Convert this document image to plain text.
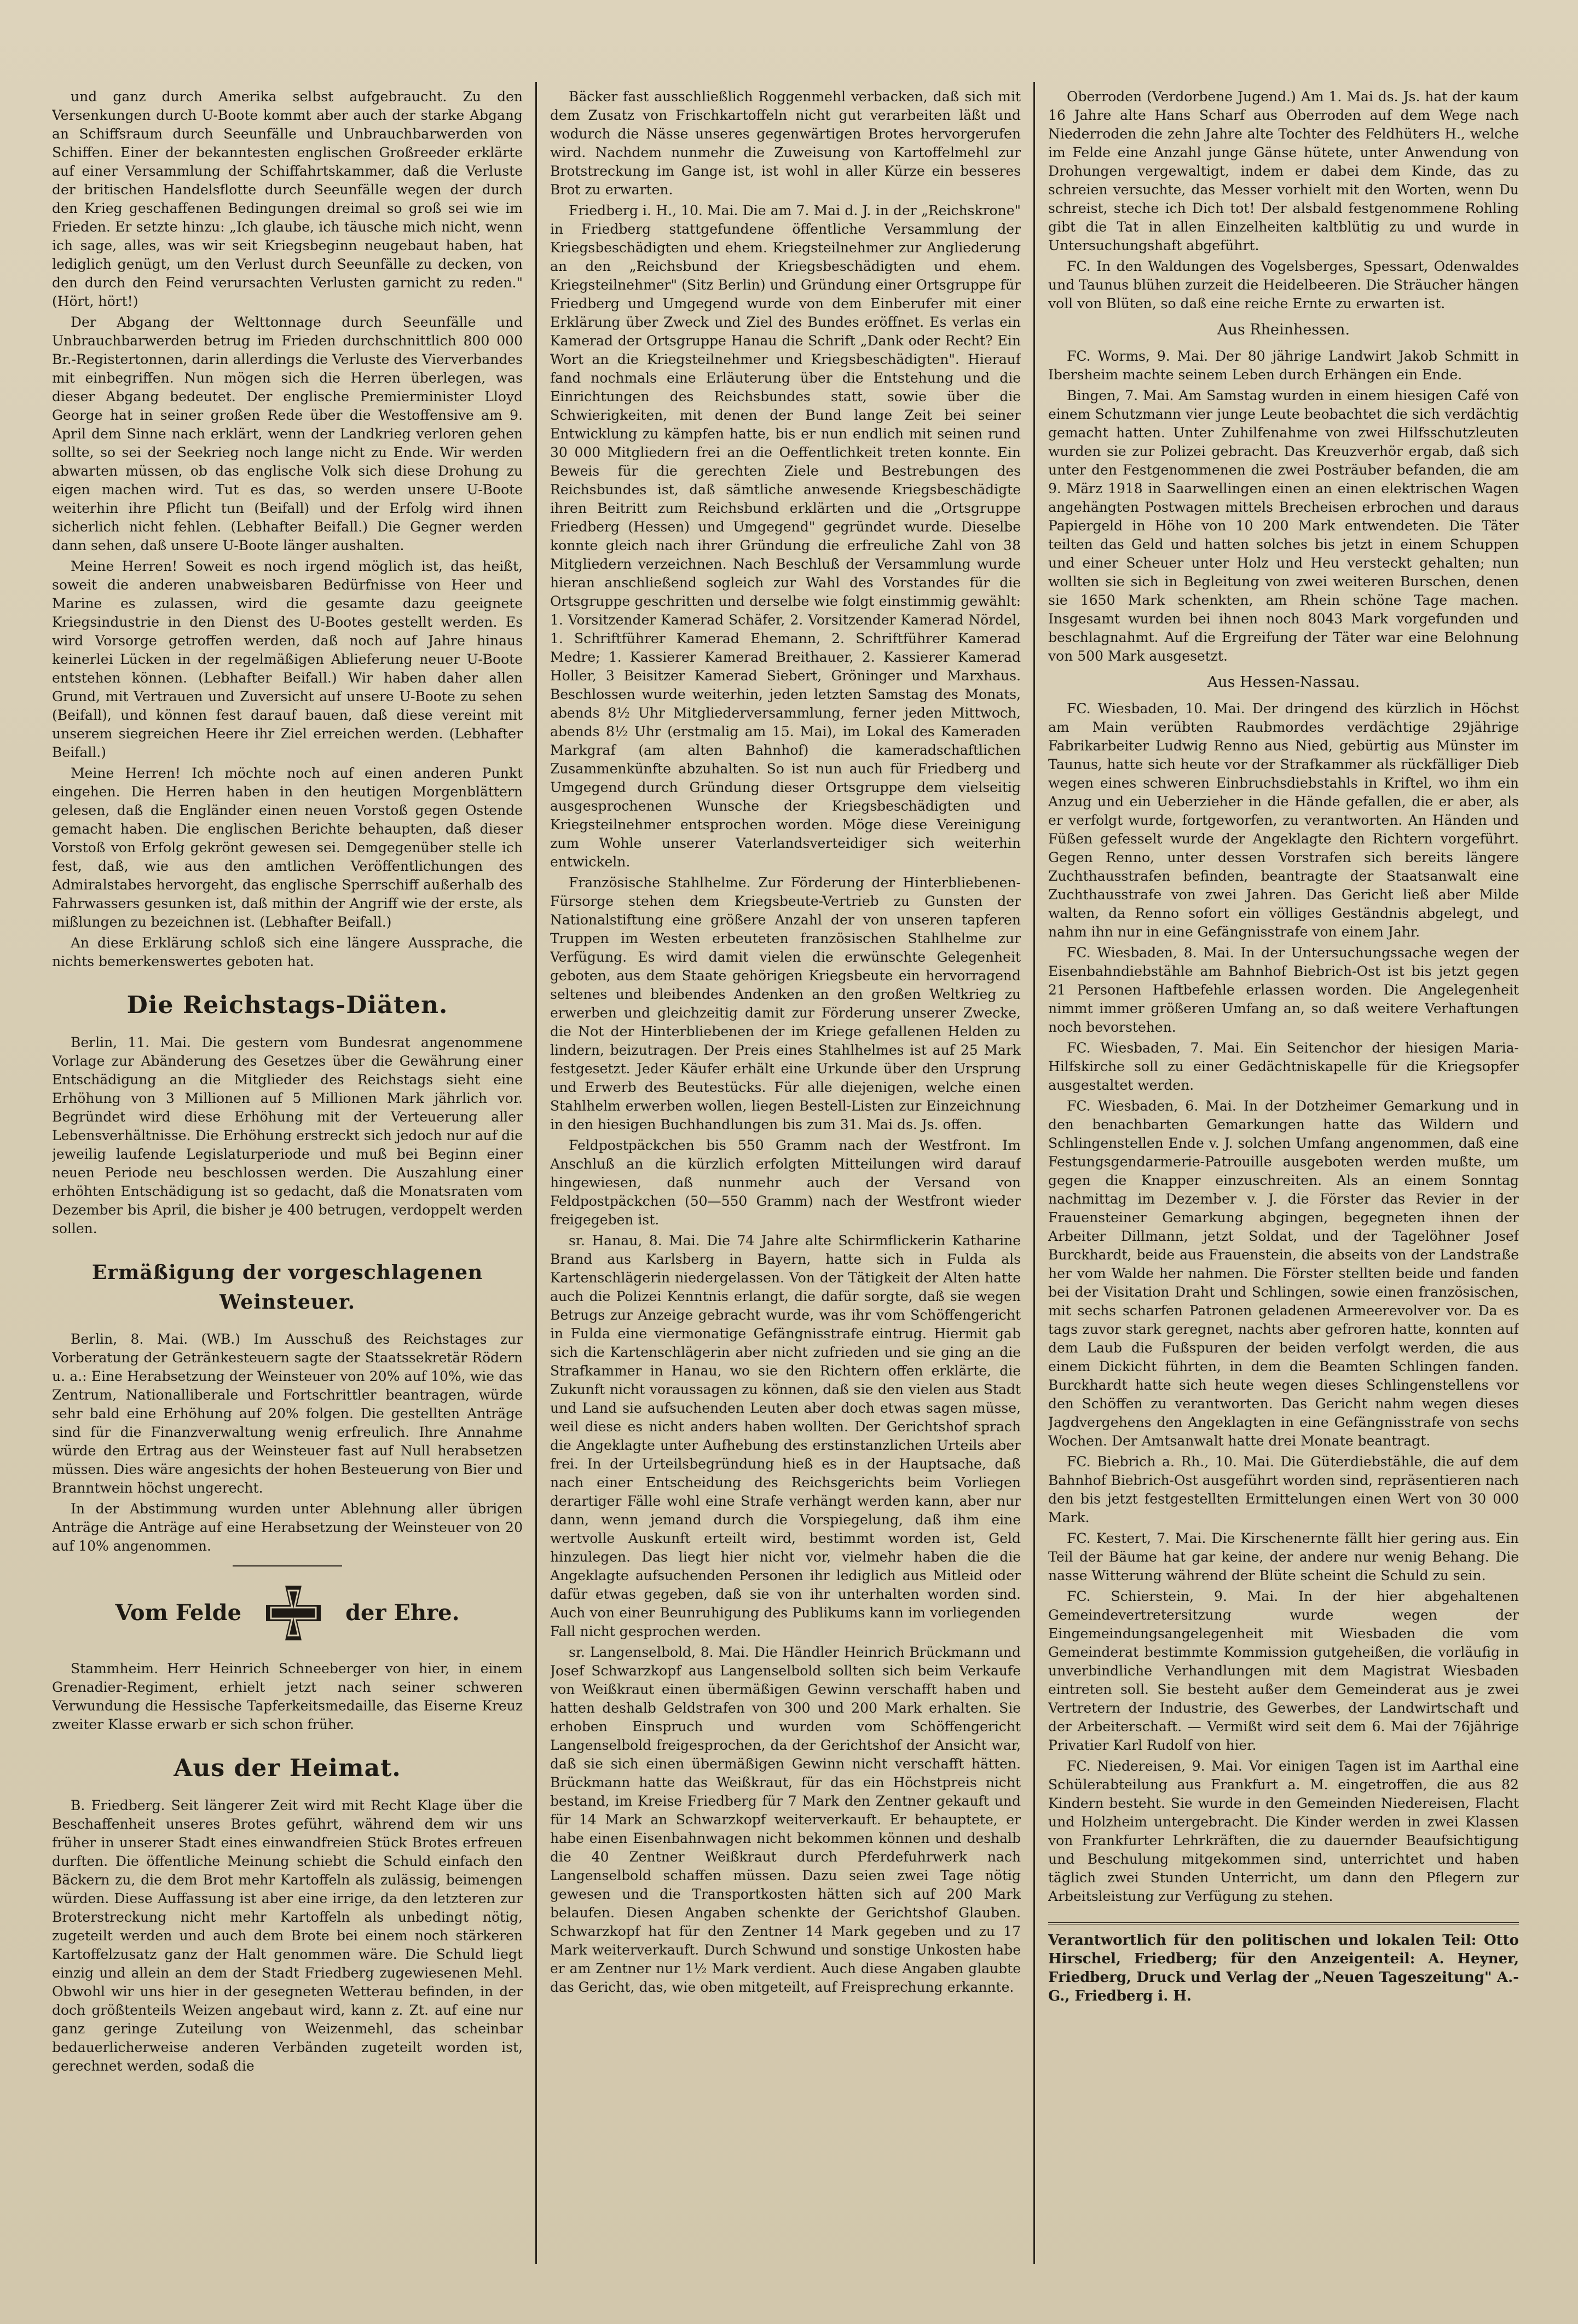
und ganz durch Amerika selbst aufgebraucht. Zu den Versenkungen durch U-Boote kommt aber auch der starke Abgang an Schiffsraum durch Seeunfälle und Unbrauchbarwerden von Schiffen. Einer der bekanntesten englischen Großreeder erklärte auf einer Versammlung der Schiffahrtskammer, daß die Verluste der britischen Handelsflotte durch Seeunfälle wegen der durch den Krieg geschaffenen Bedingungen dreimal so groß sei wie im Frieden. Er setzte hinzu: „Ich glaube, ich täusche mich nicht, wenn ich sage, alles, was wir seit Kriegsbeginn neugebaut haben, hat lediglich genügt, um den Verlust durch Seeunfälle zu decken, von den durch den Feind verursachten Verlusten garnicht zu reden." (Hört, hört!)

Der Abgang der Welttonnage durch Seeunfälle und Unbrauchbarwerden betrug im Frieden durchschnittlich 800 000 Br.-Registertonnen, darin allerdings die Verluste des Vierverbandes mit einbegriffen. Nun mögen sich die Herren überlegen, was dieser Abgang bedeutet. Der englische Premierminister Lloyd George hat in seiner großen Rede über die Westoffensive am 9. April dem Sinne nach erklärt, wenn der Landkrieg verloren gehen sollte, so sei der Seekrieg noch lange nicht zu Ende. Wir werden abwarten müssen, ob das englische Volk sich diese Drohung zu eigen machen wird. Tut es das, so werden unsere U-Boote weiterhin ihre Pflicht tun (Beifall) und der Erfolg wird ihnen sicherlich nicht fehlen. (Lebhafter Beifall.) Die Gegner werden dann sehen, daß unsere U-Boote länger aushalten.

Meine Herren! Soweit es noch irgend möglich ist, das heißt, soweit die anderen unabweisbaren Bedürfnisse von Heer und Marine es zulassen, wird die gesamte dazu geeignete Kriegsindustrie in den Dienst des U-Bootes gestellt werden. Es wird Vorsorge getroffen werden, daß noch auf Jahre hinaus keinerlei Lücken in der regelmäßigen Ablieferung neuer U-Boote entstehen können. (Lebhafter Beifall.) Wir haben daher allen Grund, mit Vertrauen und Zuversicht auf unsere U-Boote zu sehen (Beifall), und können fest darauf bauen, daß diese vereint mit unserem siegreichen Heere ihr Ziel erreichen werden. (Lebhafter Beifall.)

Meine Herren! Ich möchte noch auf einen anderen Punkt eingehen. Die Herren haben in den heutigen Morgenblättern gelesen, daß die Engländer einen neuen Vorstoß gegen Ostende gemacht haben. Die englischen Berichte behaupten, daß dieser Vorstoß von Erfolg gekrönt gewesen sei. Demgegenüber stelle ich fest, daß, wie aus den amtlichen Veröffentlichungen des Admiralstabes hervorgeht, das englische Sperrschiff außerhalb des Fahrwassers gesunken ist, daß mithin der Angriff wie der erste, als mißlungen zu bezeichnen ist. (Lebhafter Beifall.)

An diese Erklärung schloß sich eine längere Aussprache, die nichts bemerkenswertes geboten hat.

Die Reichstags-Diäten.

Berlin, 11. Mai. Die gestern vom Bundesrat angenommene Vorlage zur Abänderung des Gesetzes über die Gewährung einer Entschädigung an die Mitglieder des Reichstags sieht eine Erhöhung von 3 Millionen auf 5 Millionen Mark jährlich vor. Begründet wird diese Erhöhung mit der Verteuerung aller Lebensverhältnisse. Die Erhöhung erstreckt sich jedoch nur auf die jeweilig laufende Legislaturperiode und muß bei Beginn einer neuen Periode neu beschlossen werden. Die Auszahlung einer erhöhten Entschädigung ist so gedacht, daß die Monatsraten vom Dezember bis April, die bisher je 400 betrugen, verdoppelt werden sollen.

Ermäßigung der vorgeschlagenen Weinsteuer.

Berlin, 8. Mai. (WB.) Im Ausschuß des Reichstages zur Vorberatung der Getränkesteuern sagte der Staatssekretär Rödern u. a.: Eine Herabsetzung der Weinsteuer von 20% auf 10%, wie das Zentrum, Nationalliberale und Fortschrittler beantragen, würde sehr bald eine Erhöhung auf 20% folgen. Die gestellten Anträge sind für die Finanzverwaltung wenig erfreulich. Ihre Annahme würde den Ertrag aus der Weinsteuer fast auf Null herabsetzen müssen. Dies wäre angesichts der hohen Besteuerung von Bier und Branntwein höchst ungerecht.

In der Abstimmung wurden unter Ablehnung aller übrigen Anträge die Anträge auf eine Herabsetzung der Weinsteuer von 20 auf 10% angenommen.

Vom Felde	der Ehre.

Stammheim. Herr Heinrich Schneeberger von hier, in einem Grenadier-Regiment, erhielt jetzt nach seiner schweren Verwundung die Hessische Tapferkeitsmedaille, das Eiserne Kreuz zweiter Klasse erwarb er sich schon früher.

Aus der Heimat.

B. Friedberg. Seit längerer Zeit wird mit Recht Klage über die Beschaffenheit unseres Brotes geführt, während dem wir uns früher in unserer Stadt eines einwandfreien Stück Brotes erfreuen durften. Die öffentliche Meinung schiebt die Schuld einfach den Bäckern zu, die dem Brot mehr Kartoffeln als zulässig, beimengen würden. Diese Auffassung ist aber eine irrige, da den letzteren zur Broterstreckung nicht mehr Kartoffeln als unbedingt nötig, zugeteilt werden und auch dem Brote bei einem noch stärkeren Kartoffelzusatz ganz der Halt genommen wäre. Die Schuld liegt einzig und allein an dem der Stadt Friedberg zugewiesenen Mehl. Obwohl wir uns hier in der gesegneten Wetterau befinden, in der doch größtenteils Weizen angebaut wird, kann z. Zt. auf eine nur ganz geringe Zuteilung von Weizenmehl, das scheinbar bedauerlicherweise anderen Verbänden zugeteilt worden ist, gerechnet werden, sodaß die

Bäcker fast ausschließlich Roggenmehl verbacken, daß sich mit dem Zusatz von Frischkartoffeln nicht gut verarbeiten läßt und wodurch die Nässe unseres gegenwärtigen Brotes hervorgerufen wird. Nachdem nunmehr die Zuweisung von Kartoffelmehl zur Brotstreckung im Gange ist, ist wohl in aller Kürze ein besseres Brot zu erwarten.

Friedberg i. H., 10. Mai. Die am 7. Mai d. J. in der „Reichskrone" in Friedberg stattgefundene öffentliche Versammlung der Kriegsbeschädigten und ehem. Kriegsteilnehmer zur Angliederung an den „Reichsbund der Kriegsbeschädigten und ehem. Kriegsteilnehmer" (Sitz Berlin) und Gründung einer Ortsgruppe für Friedberg und Umgegend wurde von dem Einberufer mit einer Erklärung über Zweck und Ziel des Bundes eröffnet. Es verlas ein Kamerad der Ortsgruppe Hanau die Schrift „Dank oder Recht? Ein Wort an die Kriegsteilnehmer und Kriegsbeschädigten". Hierauf fand nochmals eine Erläuterung über die Entstehung und die Einrichtungen des Reichsbundes statt, sowie über die Schwierigkeiten, mit denen der Bund lange Zeit bei seiner Entwicklung zu kämpfen hatte, bis er nun endlich mit seinen rund 30 000 Mitgliedern frei an die Oeffentlichkeit treten konnte. Ein Beweis für die gerechten Ziele und Bestrebungen des Reichsbundes ist, daß sämtliche anwesende Kriegsbeschädigte ihren Beitritt zum Reichsbund erklärten und die „Ortsgruppe Friedberg (Hessen) und Umgegend" gegründet wurde. Dieselbe konnte gleich nach ihrer Gründung die erfreuliche Zahl von 38 Mitgliedern verzeichnen. Nach Beschluß der Versammlung wurde hieran anschließend sogleich zur Wahl des Vorstandes für die Ortsgruppe geschritten und derselbe wie folgt einstimmig gewählt: 1. Vorsitzender Kamerad Schäfer, 2. Vorsitzender Kamerad Nördel, 1. Schriftführer Kamerad Ehemann, 2. Schriftführer Kamerad Medre; 1. Kassierer Kamerad Breithauer, 2. Kassierer Kamerad Holler, 3 Beisitzer Kamerad Siebert, Gröninger und Marxhaus. Beschlossen wurde weiterhin, jeden letzten Samstag des Monats, abends 8½ Uhr Mitgliederversammlung, ferner jeden Mittwoch, abends 8½ Uhr (erstmalig am 15. Mai), im Lokal des Kameraden Markgraf (am alten Bahnhof) die kameradschaftlichen Zusammenkünfte abzuhalten. So ist nun auch für Friedberg und Umgegend durch Gründung dieser Ortsgruppe dem vielseitig ausgesprochenen Wunsche der Kriegsbeschädigten und Kriegsteilnehmer entsprochen worden. Möge diese Vereinigung zum Wohle unserer Vaterlandsverteidiger sich weiterhin entwickeln.

Französische Stahlhelme. Zur Förderung der Hinterbliebenen-Fürsorge stehen dem Kriegsbeute-Vertrieb zu Gunsten der Nationalstiftung eine größere Anzahl der von unseren tapferen Truppen im Westen erbeuteten französischen Stahlhelme zur Verfügung. Es wird damit vielen die erwünschte Gelegenheit geboten, aus dem Staate gehörigen Kriegsbeute ein hervorragend seltenes und bleibendes Andenken an den großen Weltkrieg zu erwerben und gleichzeitig damit zur Förderung unserer Zwecke, die Not der Hinterbliebenen der im Kriege gefallenen Helden zu lindern, beizutragen. Der Preis eines Stahlhelmes ist auf 25 Mark festgesetzt. Jeder Käufer erhält eine Urkunde über den Ursprung und Erwerb des Beutestücks. Für alle diejenigen, welche einen Stahlhelm erwerben wollen, liegen Bestell-Listen zur Einzeichnung in den hiesigen Buchhandlungen bis zum 31. Mai ds. Js. offen.

Feldpostpäckchen bis 550 Gramm nach der Westfront. Im Anschluß an die kürzlich erfolgten Mitteilungen wird darauf hingewiesen, daß nunmehr auch der Versand von Feldpostpäckchen (50—550 Gramm) nach der Westfront wieder freigegeben ist.

sr. Hanau, 8. Mai. Die 74 Jahre alte Schirmflickerin Katharine Brand aus Karlsberg in Bayern, hatte sich in Fulda als Kartenschlägerin niedergelassen. Von der Tätigkeit der Alten hatte auch die Polizei Kenntnis erlangt, die dafür sorgte, daß sie wegen Betrugs zur Anzeige gebracht wurde, was ihr vom Schöffengericht in Fulda eine viermonatige Gefängnisstrafe eintrug. Hiermit gab sich die Kartenschlägerin aber nicht zufrieden und sie ging an die Strafkammer in Hanau, wo sie den Richtern offen erklärte, die Zukunft nicht voraussagen zu können, daß sie den vielen aus Stadt und Land sie aufsuchenden Leuten aber doch etwas sagen müsse, weil diese es nicht anders haben wollten. Der Gerichtshof sprach die Angeklagte unter Aufhebung des erstinstanzlichen Urteils aber frei. In der Urteilsbegründung hieß es in der Hauptsache, daß nach einer Entscheidung des Reichsgerichts beim Vorliegen derartiger Fälle wohl eine Strafe verhängt werden kann, aber nur dann, wenn jemand durch die Vorspiegelung, daß ihm eine wertvolle Auskunft erteilt wird, bestimmt worden ist, Geld hinzulegen. Das liegt hier nicht vor, vielmehr haben die die Angeklagte aufsuchenden Personen ihr lediglich aus Mitleid oder dafür etwas gegeben, daß sie von ihr unterhalten worden sind. Auch von einer Beunruhigung des Publikums kann im vorliegenden Fall nicht gesprochen werden.

sr. Langenselbold, 8. Mai. Die Händler Heinrich Brückmann und Josef Schwarzkopf aus Langenselbold sollten sich beim Verkaufe von Weißkraut einen übermäßigen Gewinn verschafft haben und hatten deshalb Geldstrafen von 300 und 200 Mark erhalten. Sie erhoben Einspruch und wurden vom Schöffengericht Langenselbold freigesprochen, da der Gerichtshof der Ansicht war, daß sie sich einen übermäßigen Gewinn nicht verschafft hätten. Brückmann hatte das Weißkraut, für das ein Höchstpreis nicht bestand, im Kreise Friedberg für 7 Mark den Zentner gekauft und für 14 Mark an Schwarzkopf weiterverkauft. Er behauptete, er habe einen Eisenbahnwagen nicht bekommen können und deshalb die 40 Zentner Weißkraut durch Pferdefuhrwerk nach Langenselbold schaffen müssen. Dazu seien zwei Tage nötig gewesen und die Transportkosten hätten sich auf 200 Mark belaufen. Diesen Angaben schenkte der Gerichtshof Glauben. Schwarzkopf hat für den Zentner 14 Mark gegeben und zu 17 Mark weiterverkauft. Durch Schwund und sonstige Unkosten habe er am Zentner nur 1½ Mark verdient. Auch diese Angaben glaubte das Gericht, das, wie oben mitgeteilt, auf Freisprechung erkannte.

Oberroden (Verdorbene Jugend.) Am 1. Mai ds. Js. hat der kaum 16 Jahre alte Hans Scharf aus Oberroden auf dem Wege nach Niederroden die zehn Jahre alte Tochter des Feldhüters H., welche im Felde eine Anzahl junge Gänse hütete, unter Anwendung von Drohungen vergewaltigt, indem er dabei dem Kinde, das zu schreien versuchte, das Messer vorhielt mit den Worten, wenn Du schreist, steche ich Dich tot! Der alsbald festgenommene Rohling gibt die Tat in allen Einzelheiten kaltblütig zu und wurde in Untersuchungshaft abgeführt.

FC. In den Waldungen des Vogelsberges, Spessart, Odenwaldes und Taunus blühen zurzeit die Heidelbeeren. Die Sträucher hängen voll von Blüten, so daß eine reiche Ernte zu erwarten ist.

Aus Rheinhessen.

FC. Worms, 9. Mai. Der 80 jährige Landwirt Jakob Schmitt in Ibersheim machte seinem Leben durch Erhängen ein Ende.

Bingen, 7. Mai. Am Samstag wurden in einem hiesigen Café von einem Schutzmann vier junge Leute beobachtet die sich verdächtig gemacht hatten. Unter Zuhilfenahme von zwei Hilfsschutzleuten wurden sie zur Polizei gebracht. Das Kreuzverhör ergab, daß sich unter den Festgenommenen die zwei Posträuber befanden, die am 9. März 1918 in Saarwellingen einen an einen elektrischen Wagen angehängten Postwagen mittels Brecheisen erbrochen und daraus Papiergeld in Höhe von 10 200 Mark entwendeten. Die Täter teilten das Geld und hatten solches bis jetzt in einem Schuppen und einer Scheuer unter Holz und Heu versteckt gehalten; nun wollten sie sich in Begleitung von zwei weiteren Burschen, denen sie 1650 Mark schenkten, am Rhein schöne Tage machen. Insgesamt wurden bei ihnen noch 8043 Mark vorgefunden und beschlagnahmt. Auf die Ergreifung der Täter war eine Belohnung von 500 Mark ausgesetzt.

Aus Hessen-Nassau.

FC. Wiesbaden, 10. Mai. Der dringend des kürzlich in Höchst am Main verübten Raubmordes verdächtige 29jährige Fabrikarbeiter Ludwig Renno aus Nied, gebürtig aus Münster im Taunus, hatte sich heute vor der Strafkammer als rückfälliger Dieb wegen eines schweren Einbruchsdiebstahls in Kriftel, wo ihm ein Anzug und ein Ueberzieher in die Hände gefallen, die er aber, als er verfolgt wurde, fortgeworfen, zu verantworten. An Händen und Füßen gefesselt wurde der Angeklagte den Richtern vorgeführt. Gegen Renno, unter dessen Vorstrafen sich bereits längere Zuchthausstrafen befinden, beantragte der Staatsanwalt eine Zuchthausstrafe von zwei Jahren. Das Gericht ließ aber Milde walten, da Renno sofort ein völliges Geständnis abgelegt, und nahm ihn nur in eine Gefängnisstrafe von einem Jahr.

FC. Wiesbaden, 8. Mai. In der Untersuchungssache wegen der Eisenbahndiebstähle am Bahnhof Biebrich-Ost ist bis jetzt gegen 21 Personen Haftbefehle erlassen worden. Die Angelegenheit nimmt immer größeren Umfang an, so daß weitere Verhaftungen noch bevorstehen.

FC. Wiesbaden, 7. Mai. Ein Seitenchor der hiesigen Maria-Hilfskirche soll zu einer Gedächtniskapelle für die Kriegsopfer ausgestaltet werden.

FC. Wiesbaden, 6. Mai. In der Dotzheimer Gemarkung und in den benachbarten Gemarkungen hatte das Wildern und Schlingenstellen Ende v. J. solchen Umfang angenommen, daß eine Festungsgendarmerie-Patrouille ausgeboten werden mußte, um gegen die Knapper einzuschreiten. Als an einem Sonntag nachmittag im Dezember v. J. die Förster das Revier in der Frauensteiner Gemarkung abgingen, begegneten ihnen der Arbeiter Dillmann, jetzt Soldat, und der Tagelöhner Josef Burckhardt, beide aus Frauenstein, die abseits von der Landstraße her vom Walde her nahmen. Die Förster stellten beide und fanden bei der Visitation Draht und Schlingen, sowie einen französischen, mit sechs scharfen Patronen geladenen Armeerevolver vor. Da es tags zuvor stark geregnet, nachts aber gefroren hatte, konnten auf dem Laub die Fußspuren der beiden verfolgt werden, die aus einem Dickicht führten, in dem die Beamten Schlingen fanden. Burckhardt hatte sich heute wegen dieses Schlingenstellens vor den Schöffen zu verantworten. Das Gericht nahm wegen dieses Jagdvergehens den Angeklagten in eine Gefängnisstrafe von sechs Wochen. Der Amtsanwalt hatte drei Monate beantragt.

FC. Biebrich a. Rh., 10. Mai. Die Güterdiebstähle, die auf dem Bahnhof Biebrich-Ost ausgeführt worden sind, repräsentieren nach den bis jetzt festgestellten Ermittelungen einen Wert von 30 000 Mark.

FC. Kestert, 7. Mai. Die Kirschenernte fällt hier gering aus. Ein Teil der Bäume hat gar keine, der andere nur wenig Behang. Die nasse Witterung während der Blüte scheint die Schuld zu sein.

FC. Schierstein, 9. Mai. In der hier abgehaltenen Gemeindevertretersitzung wurde wegen der Eingemeindungsangelegenheit mit Wiesbaden die vom Gemeinderat bestimmte Kommission gutgeheißen, die vorläufig in unverbindliche Verhandlungen mit dem Magistrat Wiesbaden eintreten soll. Sie besteht außer dem Gemeinderat aus je zwei Vertretern der Industrie, des Gewerbes, der Landwirtschaft und der Arbeiterschaft. — Vermißt wird seit dem 6. Mai der 76jährige Privatier Karl Rudolf von hier.

FC. Niedereisen, 9. Mai. Vor einigen Tagen ist im Aarthal eine Schülerabteilung aus Frankfurt a. M. eingetroffen, die aus 82 Kindern besteht. Sie wurde in den Gemeinden Niedereisen, Flacht und Holzheim untergebracht. Die Kinder werden in zwei Klassen von Frankfurter Lehrkräften, die zu dauernder Beaufsichtigung und Beschulung mitgekommen sind, unterrichtet und haben täglich zwei Stunden Unterricht, um dann den Pflegern zur Arbeitsleistung zur Verfügung zu stehen.

Verantwortlich für den politischen und lokalen Teil: Otto Hirschel, Friedberg; für den Anzeigenteil: A. Heyner, Friedberg, Druck und Verlag der „Neuen Tageszeitung" A.-G., Friedberg i. H.
